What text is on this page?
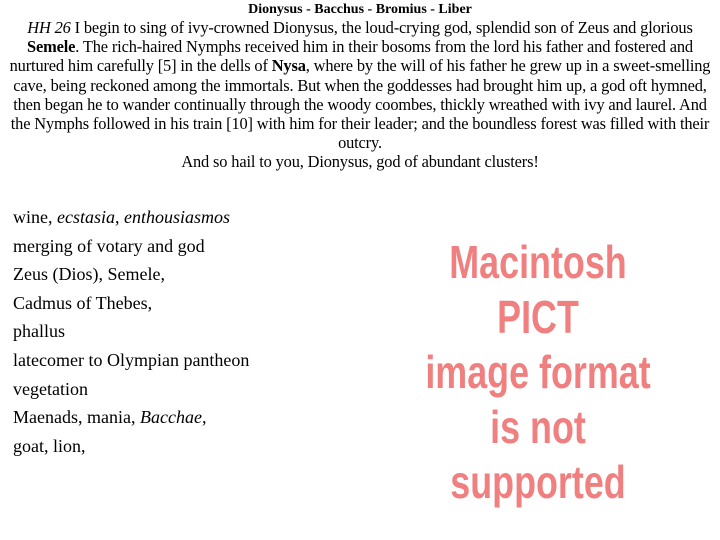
Dionysus - Bacchus - Bromius - Liber
HH 26 I begin to sing of ivy-crowned Dionysus, the loud-crying god, splendid son of Zeus and glorious Semele. The rich-haired Nymphs received him in their bosoms from the lord his father and fostered and nurtured him carefully [5] in the dells of Nysa, where by the will of his father he grew up in a sweet-smelling cave, being reckoned among the immortals. But when the goddesses had brought him up, a god oft hymned, then began he to wander continually through the woody coombes, thickly wreathed with ivy and laurel. And the Nymphs followed in his train [10] with him for their leader; and the boundless forest was filled with their outcry.
And so hail to you, Dionysus, god of abundant clusters!
wine, ecstasia, enthousiasmos
merging of votary and god
Zeus (Dios), Semele,
Cadmus of Thebes,
phallus
latecomer to Olympian pantheon
vegetation
Maenads, mania, Bacchae,
goat, lion,
Macintosh PICT
image format
is not supported
